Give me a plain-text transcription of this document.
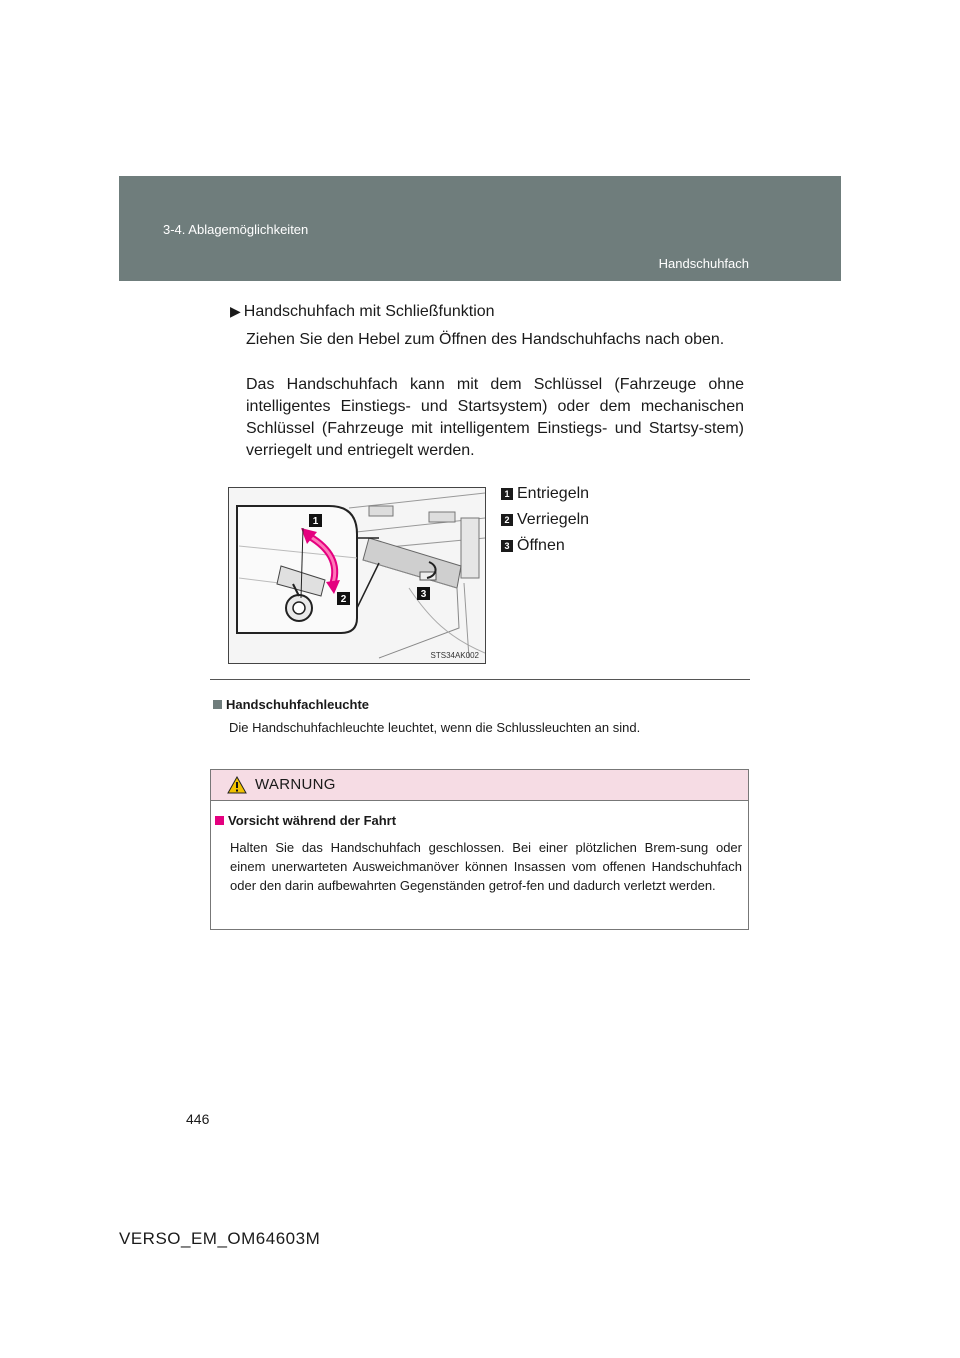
3-4. Ablagemöglichkeiten
Handschuhfach
▶ Handschuhfach mit Schließfunktion

Ziehen Sie den Hebel zum Öffnen des Handschuhfachs nach oben.

Das Handschuhfach kann mit dem Schlüssel (Fahrzeuge ohne intelligentes Einstiegs- und Startsystem) oder dem mechanischen Schlüssel (Fahrzeuge mit intelligentem Einstiegs- und Startsy-stem) verriegelt und entriegelt werden.

1
2	3
STS34AK002
1 Entriegeln
2 Verriegeln
3 Öffnen
Handschuhfachleuchte
Die Handschuhfachleuchte leuchtet, wenn die Schlussleuchten an sind.
WARNUNG
Vorsicht während der Fahrt

Halten Sie das Handschuhfach geschlossen. Bei einer plötzlichen Brem-sung oder einem unerwarteten Ausweichmanöver können Insassen vom offenen Handschuhfach oder den darin aufbewahrten Gegenständen getrof-fen und dadurch verletzt werden.

446
VERSO_EM_OM64603M
